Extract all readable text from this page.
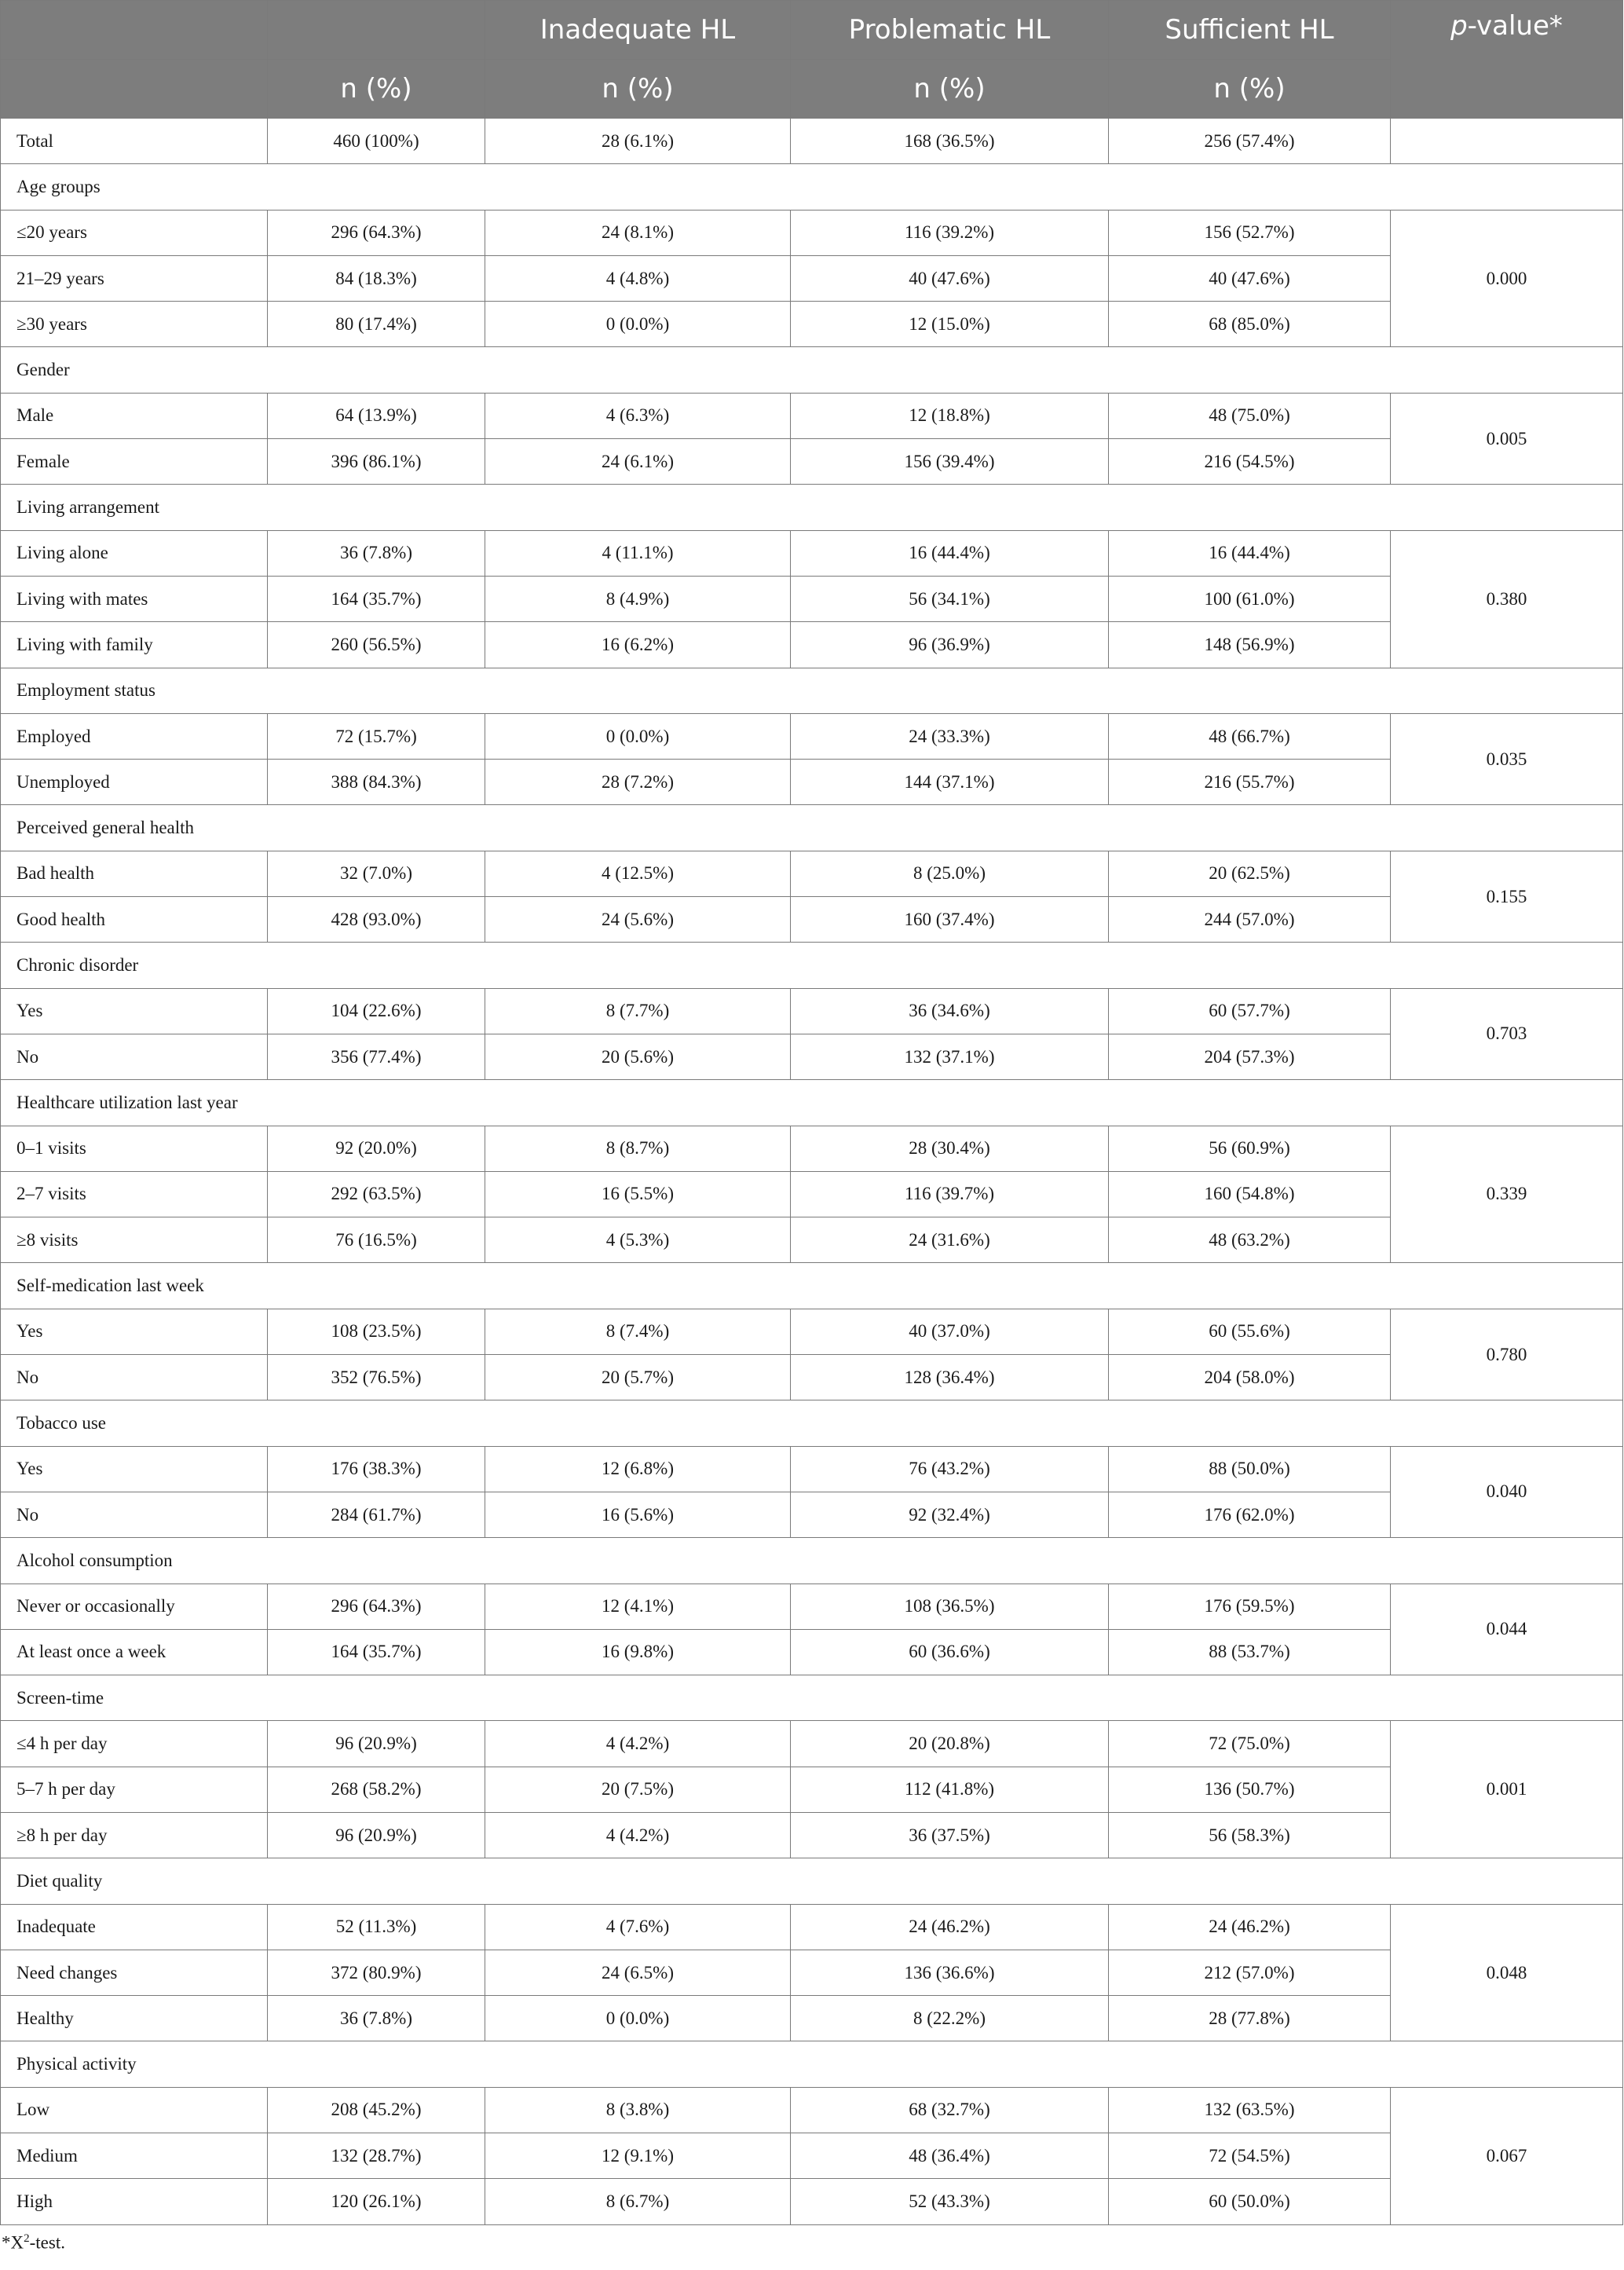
		Inadequate HL	Problematic HL	Sufficient HL	p-value*
	n (%)	n (%)	n (%)	n (%)	
Total	460 (100%)	28 (6.1%)	168 (36.5%)	256 (57.4%)	
Age groups					
≤20 years	296 (64.3%)	24 (8.1%)	116 (39.2%)	156 (52.7%)	0.000
21–29 years	84 (18.3%)	4 (4.8%)	40 (47.6%)	40 (47.6%)	
≥30 years	80 (17.4%)	0 (0.0%)	12 (15.0%)	68 (85.0%)	
Gender					
Male	64 (13.9%)	4 (6.3%)	12 (18.8%)	48 (75.0%)	0.005
Female	396 (86.1%)	24 (6.1%)	156 (39.4%)	216 (54.5%)	
Living arrangement					
Living alone	36 (7.8%)	4 (11.1%)	16 (44.4%)	16 (44.4%)	0.380
Living with mates	164 (35.7%)	8 (4.9%)	56 (34.1%)	100 (61.0%)	
Living with family	260 (56.5%)	16 (6.2%)	96 (36.9%)	148 (56.9%)	
Employment status					
Employed	72 (15.7%)	0 (0.0%)	24 (33.3%)	48 (66.7%)	0.035
Unemployed	388 (84.3%)	28 (7.2%)	144 (37.1%)	216 (55.7%)	
Perceived general health					
Bad health	32 (7.0%)	4 (12.5%)	8 (25.0%)	20 (62.5%)	0.155
Good health	428 (93.0%)	24 (5.6%)	160 (37.4%)	244 (57.0%)	
Chronic disorder					
Yes	104 (22.6%)	8 (7.7%)	36 (34.6%)	60 (57.7%)	0.703
No	356 (77.4%)	20 (5.6%)	132 (37.1%)	204 (57.3%)	
Healthcare utilization last year					
0–1 visits	92 (20.0%)	8 (8.7%)	28 (30.4%)	56 (60.9%)	0.339
2–7 visits	292 (63.5%)	16 (5.5%)	116 (39.7%)	160 (54.8%)	
≥8 visits	76 (16.5%)	4 (5.3%)	24 (31.6%)	48 (63.2%)	
Self-medication last week					
Yes	108 (23.5%)	8 (7.4%)	40 (37.0%)	60 (55.6%)	0.780
No	352 (76.5%)	20 (5.7%)	128 (36.4%)	204 (58.0%)	
Tobacco use					
Yes	176 (38.3%)	12 (6.8%)	76 (43.2%)	88 (50.0%)	0.040
No	284 (61.7%)	16 (5.6%)	92 (32.4%)	176 (62.0%)	
Alcohol consumption					
Never or occasionally	296 (64.3%)	12 (4.1%)	108 (36.5%)	176 (59.5%)	0.044
At least once a week	164 (35.7%)	16 (9.8%)	60 (36.6%)	88 (53.7%)	
Screen-time					
≤4 h per day	96 (20.9%)	4 (4.2%)	20 (20.8%)	72 (75.0%)	0.001
5–7 h per day	268 (58.2%)	20 (7.5%)	112 (41.8%)	136 (50.7%)	
≥8 h per day	96 (20.9%)	4 (4.2%)	36 (37.5%)	56 (58.3%)	
Diet quality					
Inadequate	52 (11.3%)	4 (7.6%)	24 (46.2%)	24 (46.2%)	0.048
Need changes	372 (80.9%)	24 (6.5%)	136 (36.6%)	212 (57.0%)	
Healthy	36 (7.8%)	0 (0.0%)	8 (22.2%)	28 (77.8%)	
Physical activity					
Low	208 (45.2%)	8 (3.8%)	68 (32.7%)	132 (63.5%)	0.067
Medium	132 (28.7%)	12 (9.1%)	48 (36.4%)	72 (54.5%)	
High	120 (26.1%)	8 (6.7%)	52 (43.3%)	60 (50.0%)	
$*X^2$-test.
